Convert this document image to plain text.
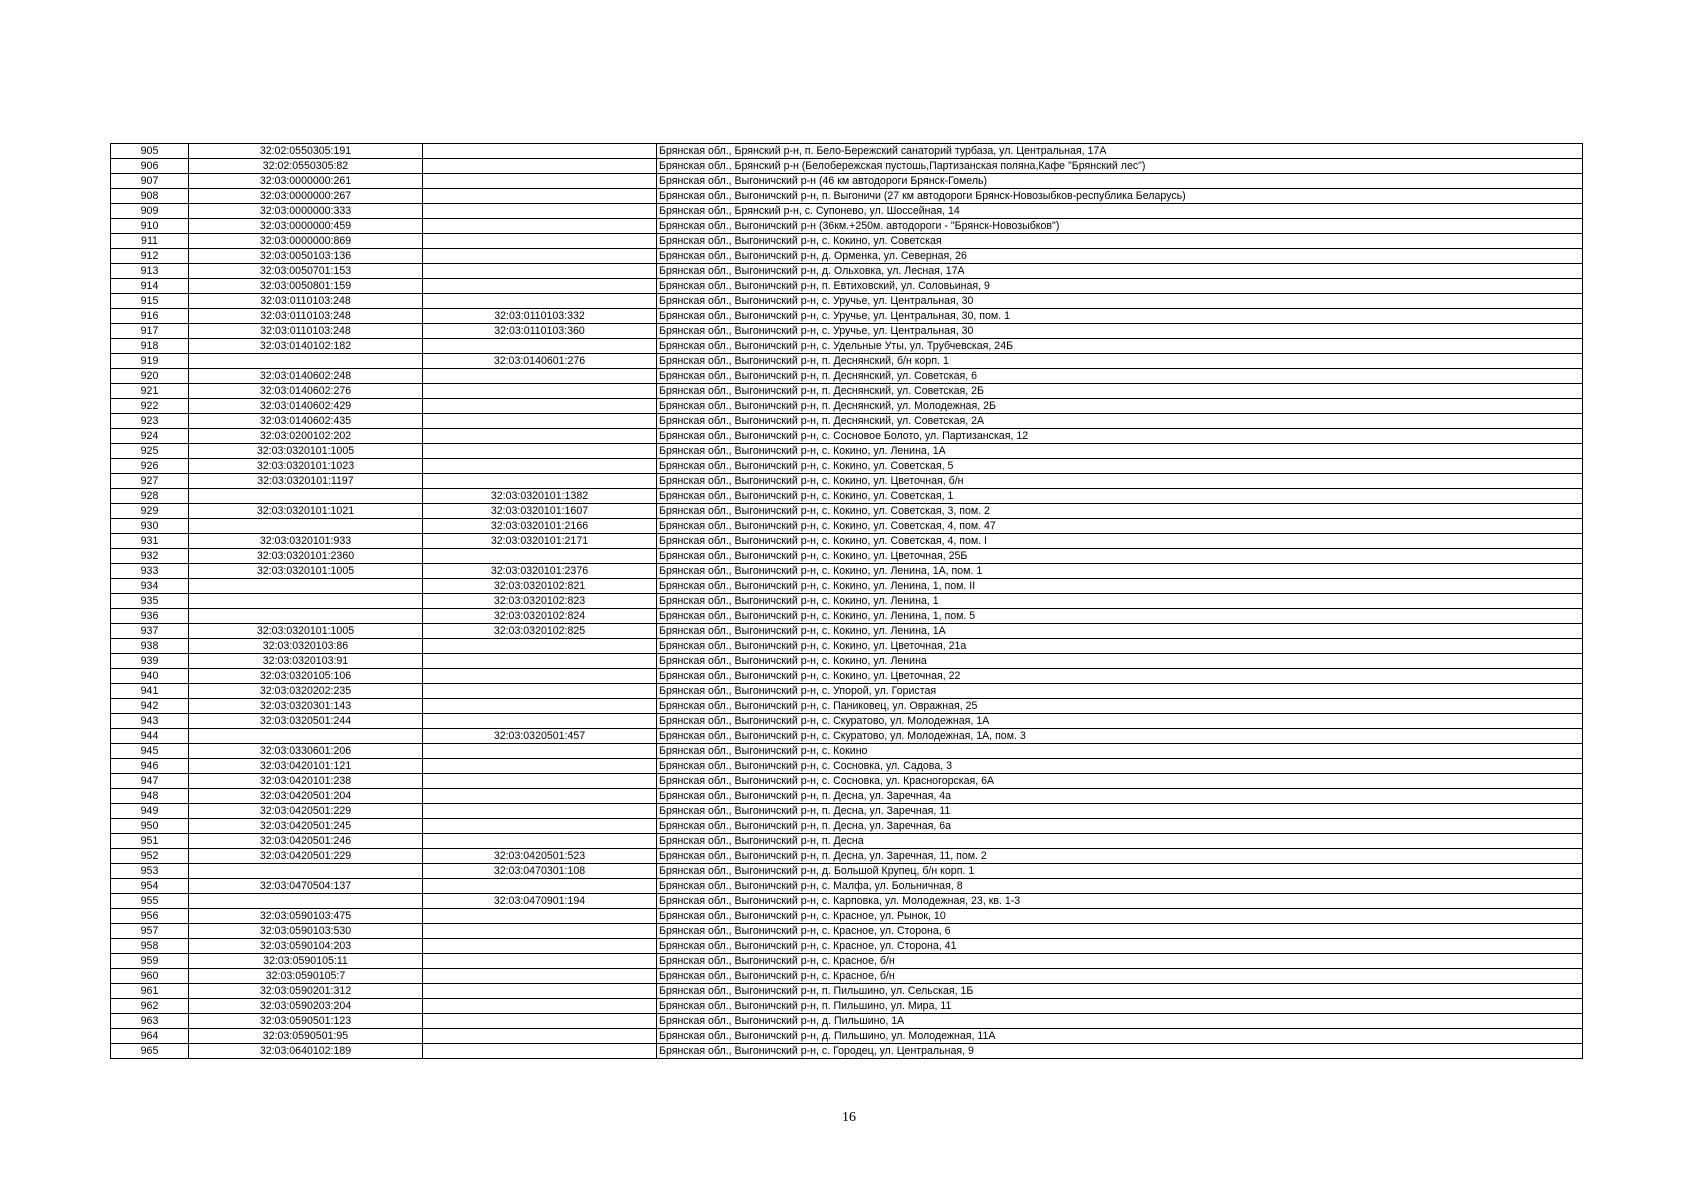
905	32:02:0550305:191		Брянская обл., Брянский р-н, п. Бело-Бережский санаторий турбаза, ул. Центральная, 17А
906	32:02:0550305:82		Брянская обл., Брянский р-н (Белобережская пустошь,Партизанская поляна,Кафе "Брянский лес")
907	32:03:0000000:261		Брянская обл., Выгоничский р-н (46 км автодороги Брянск-Гомель)
908	32:03:0000000:267		Брянская обл., Выгоничский р-н, п. Выгоничи (27 км автодороги Брянск-Новозыбков-республика Беларусь)
909	32:03:0000000:333		Брянская обл., Брянский р-н, с. Супонево, ул. Шоссейная, 14
910	32:03:0000000:459		Брянская обл., Выгоничский р-н (36км.+250м. автодороги - "Брянск-Новозыбков")
911	32:03:0000000:869		Брянская обл., Выгоничский р-н, с. Кокино, ул. Советская
912	32:03:0050103:136		Брянская обл., Выгоничский р-н, д. Орменка, ул. Северная, 26
913	32:03:0050701:153		Брянская обл., Выгоничский р-н, д. Ольховка, ул. Лесная, 17А
914	32:03:0050801:159		Брянская обл., Выгоничский р-н, п. Евтиховский, ул. Соловьиная, 9
915	32:03:0110103:248		Брянская обл., Выгоничский р-н, с. Уручье, ул. Центральная, 30
916	32:03:0110103:248	32:03:0110103:332	Брянская обл., Выгоничский р-н, с. Уручье, ул. Центральная, 30, пом. 1
917	32:03:0110103:248	32:03:0110103:360	Брянская обл., Выгоничский р-н, с. Уручье, ул. Центральная, 30
918	32:03:0140102:182		Брянская обл., Выгоничский р-н, с. Удельные Уты, ул. Трубчевская, 24Б
919		32:03:0140601:276	Брянская обл., Выгоничский р-н, п. Деснянский, б/н корп. 1
920	32:03:0140602:248		Брянская обл., Выгоничский р-н, п. Деснянский, ул. Советская, 6
921	32:03:0140602:276		Брянская обл., Выгоничский р-н, п. Деснянский, ул. Советская, 2Б
922	32:03:0140602:429		Брянская обл., Выгоничский р-н, п. Деснянский, ул. Молодежная, 2Б
923	32:03:0140602:435		Брянская обл., Выгоничский р-н, п. Деснянский, ул. Советская, 2А
924	32:03:0200102:202		Брянская обл., Выгоничский р-н, с. Сосновое Болото, ул. Партизанская, 12
925	32:03:0320101:1005		Брянская обл., Выгоничский р-н, с. Кокино, ул. Ленина, 1А
926	32:03:0320101:1023		Брянская обл., Выгоничский р-н, с. Кокино, ул. Советская, 5
927	32:03:0320101:1197		Брянская обл., Выгоничский р-н, с. Кокино, ул. Цветочная, б/н
928		32:03:0320101:1382	Брянская обл., Выгоничский р-н, с. Кокино, ул. Советская, 1
929	32:03:0320101:1021	32:03:0320101:1607	Брянская обл., Выгоничский р-н, с. Кокино, ул. Советская, 3, пом. 2
930		32:03:0320101:2166	Брянская обл., Выгоничский р-н, с. Кокино, ул. Советская, 4, пом. 47
931	32:03:0320101:933	32:03:0320101:2171	Брянская обл., Выгоничский р-н, с. Кокино, ул. Советская, 4, пом. I
932	32:03:0320101:2360		Брянская обл., Выгоничский р-н, с. Кокино, ул. Цветочная, 25Б
933	32:03:0320101:1005	32:03:0320101:2376	Брянская обл., Выгоничский р-н, с. Кокино, ул. Ленина, 1А, пом. 1
934		32:03:0320102:821	Брянская обл., Выгоничский р-н, с. Кокино, ул. Ленина, 1, пом. II
935		32:03:0320102:823	Брянская обл., Выгоничский р-н, с. Кокино, ул. Ленина, 1
936		32:03:0320102:824	Брянская обл., Выгоничский р-н, с. Кокино, ул. Ленина, 1, пом. 5
937	32:03:0320101:1005	32:03:0320102:825	Брянская обл., Выгоничский р-н, с. Кокино, ул. Ленина, 1А
938	32:03:0320103:86		Брянская обл., Выгоничский р-н, с. Кокино, ул. Цветочная, 21а
939	32:03:0320103:91		Брянская обл., Выгоничский р-н, с. Кокино, ул. Ленина
940	32:03:0320105:106		Брянская обл., Выгоничский р-н, с. Кокино, ул. Цветочная, 22
941	32:03:0320202:235		Брянская обл., Выгоничский р-н, с. Упорой, ул. Гористая
942	32:03:0320301:143		Брянская обл., Выгоничский р-н, с. Паниковец, ул. Овражная, 25
943	32:03:0320501:244		Брянская обл., Выгоничский р-н, с. Скуратово, ул. Молодежная, 1А
944		32:03:0320501:457	Брянская обл., Выгоничский р-н, с. Скуратово, ул. Молодежная, 1А, пом. 3
945	32:03:0330601:206		Брянская обл., Выгоничский р-н, с. Кокино
946	32:03:0420101:121		Брянская обл., Выгоничский р-н, с. Сосновка, ул. Садова, 3
947	32:03:0420101:238		Брянская обл., Выгоничский р-н, с. Сосновка, ул. Красногорская, 6А
948	32:03:0420501:204		Брянская обл., Выгоничский р-н, п. Десна, ул. Заречная, 4а
949	32:03:0420501:229		Брянская обл., Выгоничский р-н, п. Десна, ул. Заречная, 11
950	32:03:0420501:245		Брянская обл., Выгоничский р-н, п. Десна, ул. Заречная, 6а
951	32:03:0420501:246		Брянская обл., Выгоничский р-н, п. Десна
952	32:03:0420501:229	32:03:0420501:523	Брянская обл., Выгоничский р-н, п. Десна, ул. Заречная, 11, пом. 2
953		32:03:0470301:108	Брянская обл., Выгоничский р-н, д. Большой Крупец, б/н корп. 1
954	32:03:0470504:137		Брянская обл., Выгоничский р-н, с. Малфа, ул. Больничная, 8
955		32:03:0470901:194	Брянская обл., Выгоничский р-н, с. Карповка, ул. Молодежная, 23, кв. 1-3
956	32:03:0590103:475		Брянская обл., Выгоничский р-н, с. Красное, ул. Рынок, 10
957	32:03:0590103:530		Брянская обл., Выгоничский р-н, с. Красное, ул. Сторона, 6
958	32:03:0590104:203		Брянская обл., Выгоничский р-н, с. Красное, ул. Сторона, 41
959	32:03:0590105:11		Брянская обл., Выгоничский р-н, с. Красное, б/н
960	32:03:0590105:7		Брянская обл., Выгоничский р-н, с. Красное, б/н
961	32:03:0590201:312		Брянская обл., Выгоничский р-н, п. Пильшино, ул. Сельская, 1Б
962	32:03:0590203:204		Брянская обл., Выгоничский р-н, п. Пильшино, ул. Мира, 11
963	32:03:0590501:123		Брянская обл., Выгоничский р-н, д. Пильшино, 1А
964	32:03:0590501:95		Брянская обл., Выгоничский р-н, д. Пильшино, ул. Молодежная, 11А
965	32:03:0640102:189		Брянская обл., Выгоничский р-н, с. Городец, ул. Центральная, 9
16
